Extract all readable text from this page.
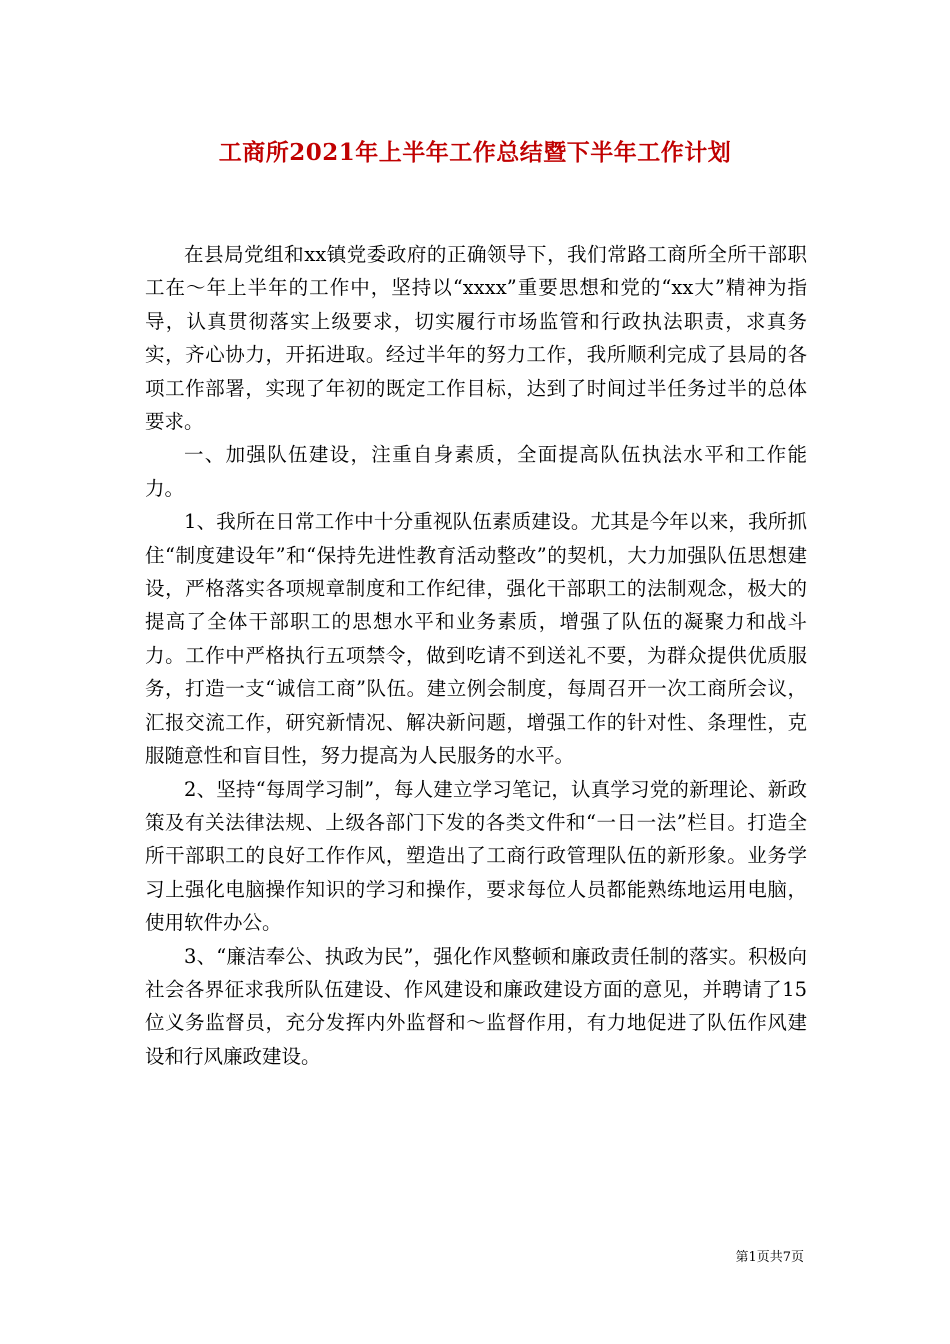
工商所2021年上半年工作总结暨下半年工作计划

在县局党组和xx镇党委政府的正确领导下，我们常路工商所全所干部职工在～年上半年的工作中，坚持以“xxxx”重要思想和党的“xx大”精神为指导，认真贯彻落实上级要求，切实履行市场监管和行政执法职责，求真务实，齐心协力，开拓进取。经过半年的努力工作，我所顺利完成了县局的各项工作部署，实现了年初的既定工作目标，达到了时间过半任务过半的总体要求。

一、加强队伍建设，注重自身素质，全面提高队伍执法水平和工作能力。

1、我所在日常工作中十分重视队伍素质建设。尤其是今年以来，我所抓住“制度建设年”和“保持先进性教育活动整改”的契机，大力加强队伍思想建设，严格落实各项规章制度和工作纪律，强化干部职工的法制观念，极大的提高了全体干部职工的思想水平和业务素质，增强了队伍的凝聚力和战斗力。工作中严格执行五项禁令，做到吃请不到送礼不要，为群众提供优质服务，打造一支“诚信工商”队伍。建立例会制度，每周召开一次工商所会议，汇报交流工作，研究新情况、解决新问题，增强工作的针对性、条理性，克服随意性和盲目性，努力提高为人民服务的水平。

2、坚持“每周学习制”，每人建立学习笔记，认真学习党的新理论、新政策及有关法律法规、上级各部门下发的各类文件和“一日一法”栏目。打造全所干部职工的良好工作作风，塑造出了工商行政管理队伍的新形象。业务学习上强化电脑操作知识的学习和操作，要求每位人员都能熟练地运用电脑，使用软件办公。

3、“廉洁奉公、执政为民”，强化作风整顿和廉政责任制的落实。积极向社会各界征求我所队伍建设、作风建设和廉政建设方面的意见，并聘请了15位义务监督员，充分发挥内外监督和～监督作用，有力地促进了队伍作风建设和行风廉政建设。

第1页共7页
